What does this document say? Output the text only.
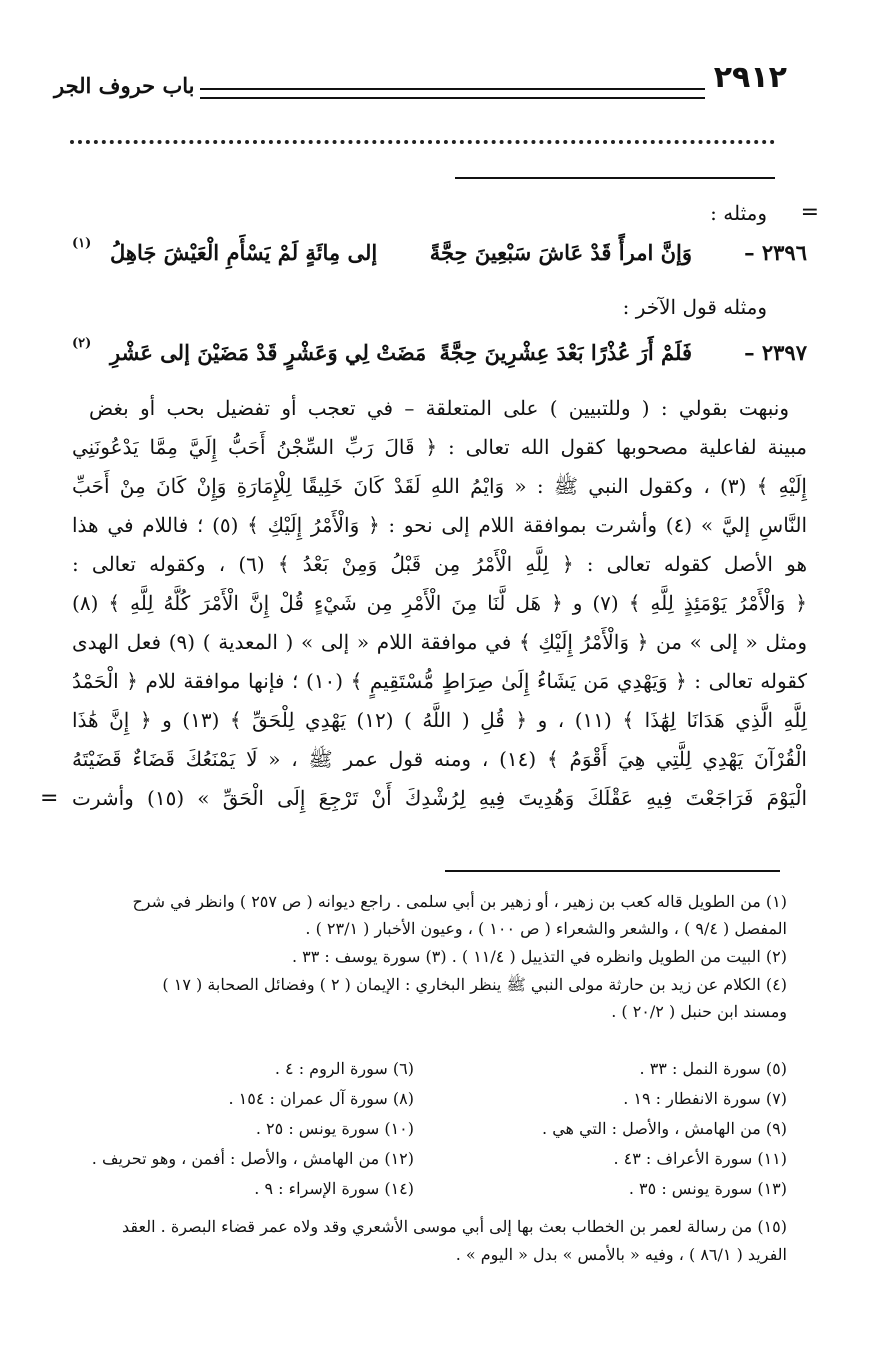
٢٩١٢
باب حروف الجر
=
ومثله :
٢٣٩٦ –
وَإنَّ امرأً قَدْ عَاشَ سَبْعِينَ حِجَّةً
إلى مِائَةٍ لَمْ يَسْأَمِ الْعَيْشَ جَاهِلُ
(١)
ومثله قول الآخر :
٢٣٩٧ –
فَلَمْ أَرَ عُذْرًا بَعْدَ عِشْرِينَ حِجَّةً
مَضَتْ لِي وَعَشْرٍ قَدْ مَضَيْنَ إلى عَشْرِ
(٢)
ونبهت بقولي : ( وللتبيين ) على المتعلقة – في تعجب أو تفضيل بحب أو بغض
مبينة لفاعلية مصحوبها كقول الله تعالى : ﴿ قَالَ رَبِّ السِّجْنُ أَحَبُّ إِلَيَّ مِمَّا يَدْعُونَنِي
إِلَيْهِ ﴾ (٣) ، وكقول النبي ﷺ : « وَايْمُ اللهِ لَقَدْ كَانَ خَلِيقًا لِلْإِمَارَةِ وَإِنْ كَانَ مِنْ أَحَبِّ
النَّاسِ إليَّ » (٤) وأشرت بموافقة اللام إلى نحو : ﴿ وَالْأَمْرُ إِلَيْكِ ﴾ (٥) ؛ فاللام في هذا
هو الأصل كقوله تعالى : ﴿ لِلَّهِ الْأَمْرُ مِن قَبْلُ وَمِنْ بَعْدُ ﴾ (٦) ، وكقوله تعالى :
﴿ وَالْأَمْرُ يَوْمَئِذٍ لِلَّهِ ﴾ (٧) و ﴿ هَل لَّنَا مِنَ الْأَمْرِ مِن شَيْءٍ قُلْ إِنَّ الْأَمْرَ كُلَّهُ لِلَّهِ ﴾ (٨)
ومثل « إلى » من ﴿ وَالْأَمْرُ إِلَيْكِ ﴾ في موافقة اللام « إلى » ( المعدية ) (٩) فعل الهدى
كقوله تعالى : ﴿ وَيَهْدِي مَن يَشَاءُ إِلَىٰ صِرَاطٍ مُّسْتَقِيمٍ ﴾ (١٠) ؛ فإنها موافقة للام ﴿ الْحَمْدُ
لِلَّهِ الَّذِي هَدَانَا لِهَٰذَا ﴾ (١١) ، و ﴿ قُلِ ( اللَّهُ ) (١٢) يَهْدِي لِلْحَقِّ ﴾ (١٣) و ﴿ إِنَّ هَٰذَا
الْقُرْآنَ يَهْدِي لِلَّتِي هِيَ أَقْوَمُ ﴾ (١٤) ، ومنه قول عمر ﷺ ، « لَا يَمْنَعُكَ قَضَاءٌ قَضَيْتَهُ
الْيَوْمَ فَرَاجَعْتَ فِيهِ عَقْلَكَ وَهُدِيتَ فِيهِ لِرُشْدِكَ أَنْ تَرْجِعَ إِلَى الْحَقِّ » (١٥) وأشرت
=
(١) من الطويل قاله كعب بن زهير ، أو زهير بن أبي سلمى . راجع ديوانه ( ص ٢٥٧ ) وانظر في شرح
المفصل ( ٩/٤ ) ، والشعر والشعراء ( ص ١٠٠ ) ، وعيون الأخبار ( ٢٣/١ ) .
(٢) البيت من الطويل وانظره في التذييل ( ١١/٤ ) . (٣) سورة يوسف : ٣٣ .
(٤) الكلام عن زيد بن حارثة مولى النبي ﷺ ينظر البخاري : الإيمان ( ٢ ) وفضائل الصحابة ( ١٧ )
ومسند ابن حنبل ( ٢٠/٢ ) .
(٥) سورة النمل : ٣٣ .
(٦) سورة الروم : ٤ .
(٧) سورة الانفطار : ١٩ .
(٨) سورة آل عمران : ١٥٤ .
(٩) من الهامش ، والأصل : التي هي .
(١٠) سورة يونس : ٢٥ .
(١١) سورة الأعراف : ٤٣ .
(١٢) من الهامش ، والأصل : أفمن ، وهو تحريف .
(١٣) سورة يونس : ٣٥ .
(١٤) سورة الإسراء : ٩ .
(١٥) من رسالة لعمر بن الخطاب بعث بها إلى أبي موسى الأشعري وقد ولاه عمر قضاء البصرة . العقد
الفريد ( ٨٦/١ ) ، وفيه « بالأمس » بدل « اليوم » .
